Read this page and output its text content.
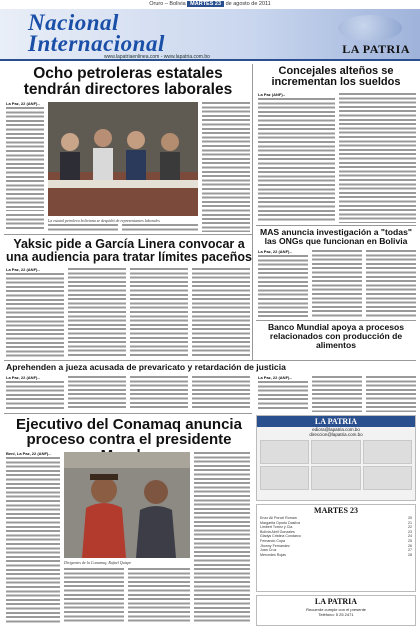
Oruro – Bolivia MARTES 23 de agosto de 2011
Nacional
Internacional
www.lapatriaenlinea.com - www.lapatria.com.bo
LA PATRIA
Ocho petroleras estatales tendrán directores laborales
La Paz, 22 (ANF).-
La estatal petrolera boliviana se despidió de representantes laborales
Yaksic pide a García Linera convocar a una audiencia para tratar límites paceños
La Paz, 22 (ANF).-
Aprehenden a jueza acusada de prevaricato y retardación de justicia
La Paz, 22 (ANF).-
Ejecutivo del Conamaq anuncia proceso contra el presidente
Beni, La Paz, 22 (ANF).-
Dirigentes de la Conamaq, Rafael Quispe
Concejales alteños se incrementan los sueldos
La Paz (ANF).-
MAS anuncia investigación a "todas" las ONGs que funcionan en Bolivia
La Paz, 22 (ANF).-
Banco Mundial apoya a procesos relacionados con producción de alimentos
La Paz, 22 (ANF).-
LA PATRIA
ediora@lapatria.com.bo
direccion@lapatria.com.bo
MARTES 23
Enzo Ali Porcel Roman	20
Margarita Oporto Dasilva	21
Limbert Torrez y Cia.	22
Bolivia Abril Gonzales	23
Gladys Cristina Condarco	24
Fernando Copa	25
Jhonny Fernandez	26
Juan Cruz	27
Mercedes Rojas	28
LA PATRIA
Recuerde cumple con el presente
Teléfono: 5 25 2471
